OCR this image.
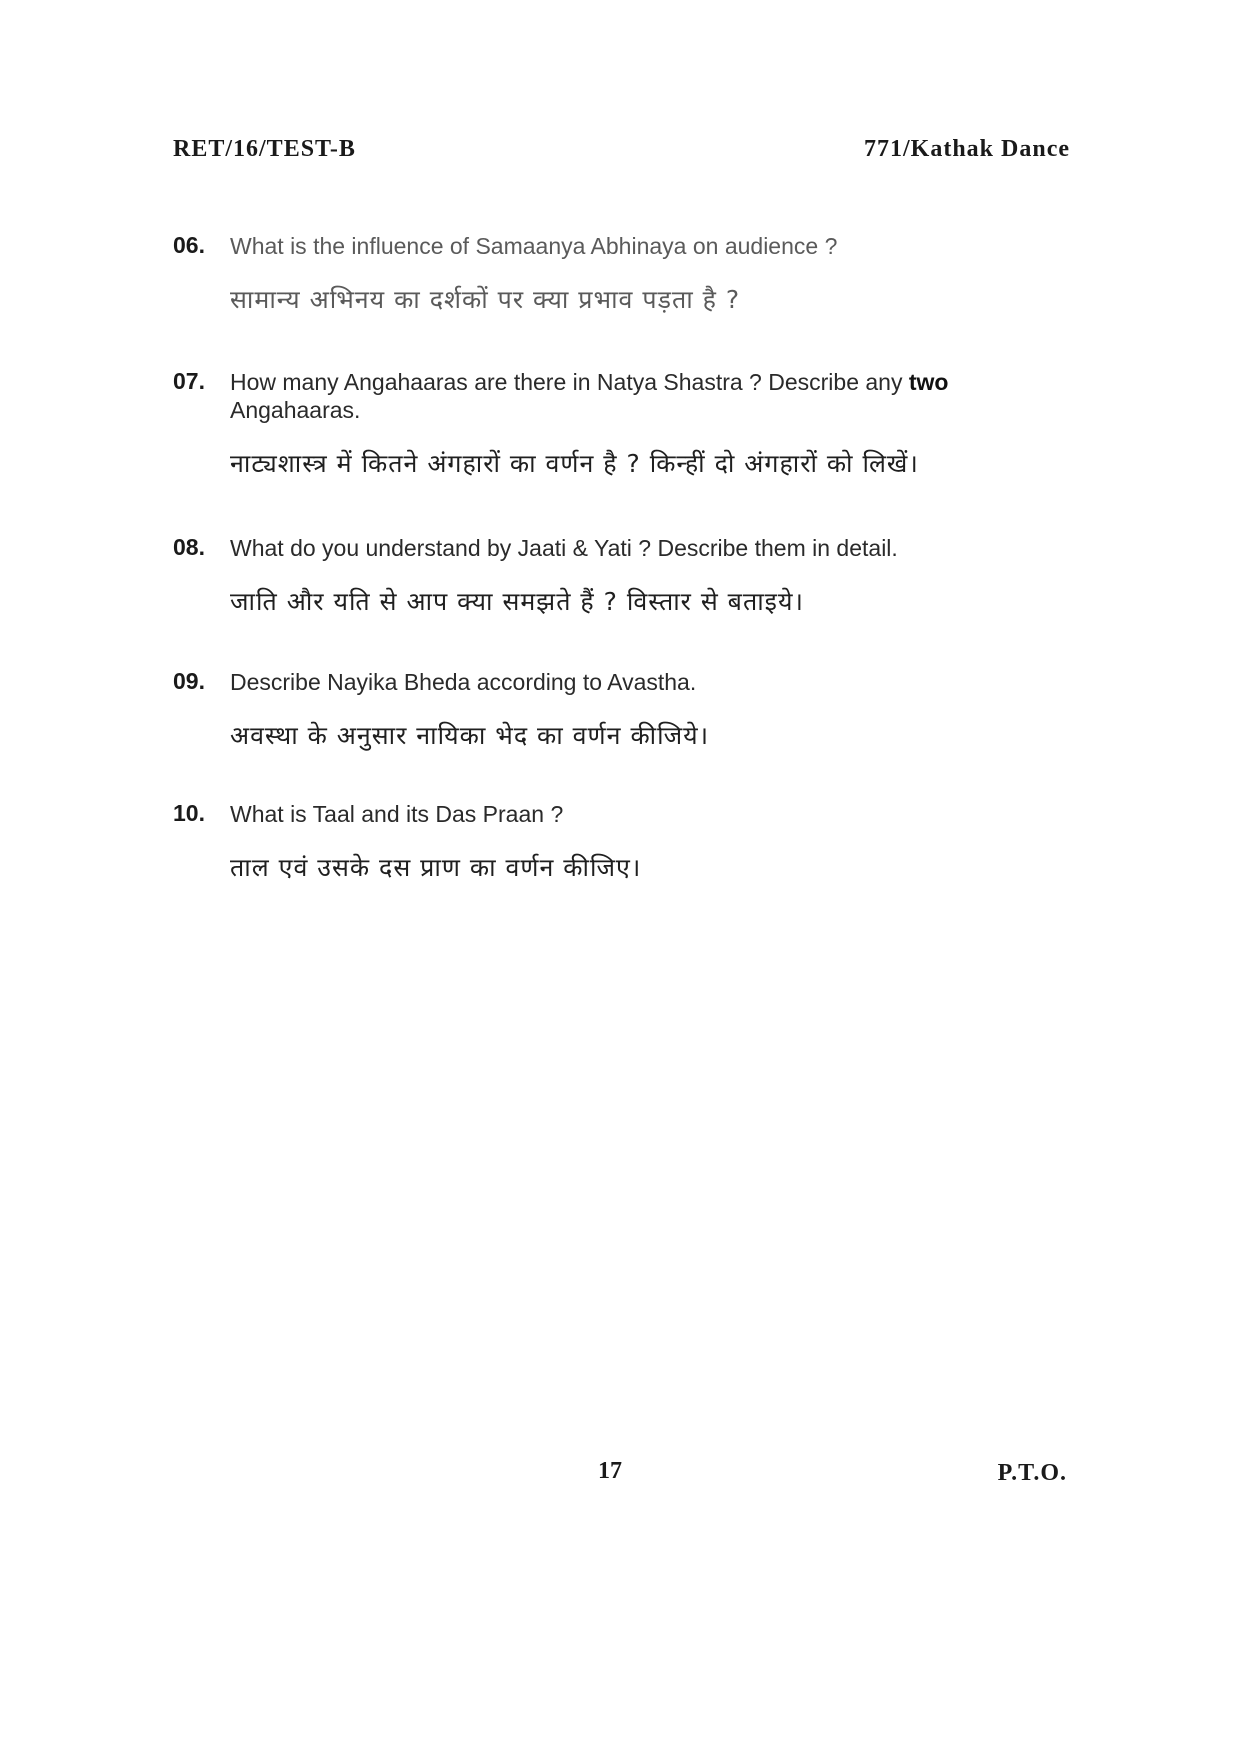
RET/16/TEST-B	771/Kathak Dance
06. What is the influence of Samaanya Abhinaya on audience ?
सामान्य अभिनय का दर्शकों पर क्या प्रभाव पड़ता है ?
07. How many Angahaaras are there in Natya Shastra ? Describe any two Angahaaras.
नाट्यशास्त्र में कितने अंगहारों का वर्णन है ? किन्हीं दो अंगहारों को लिखें।
08. What do you understand by Jaati & Yati ? Describe them in detail.
जाति और यति से आप क्या समझते हैं ? विस्तार से बताइये।
09. Describe Nayika Bheda according to Avastha.
अवस्था के अनुसार नायिका भेद का वर्णन कीजिये।
10. What is Taal and its Das Praan ?
ताल एवं उसके दस प्राण का वर्णन कीजिए।
17	P.T.O.
